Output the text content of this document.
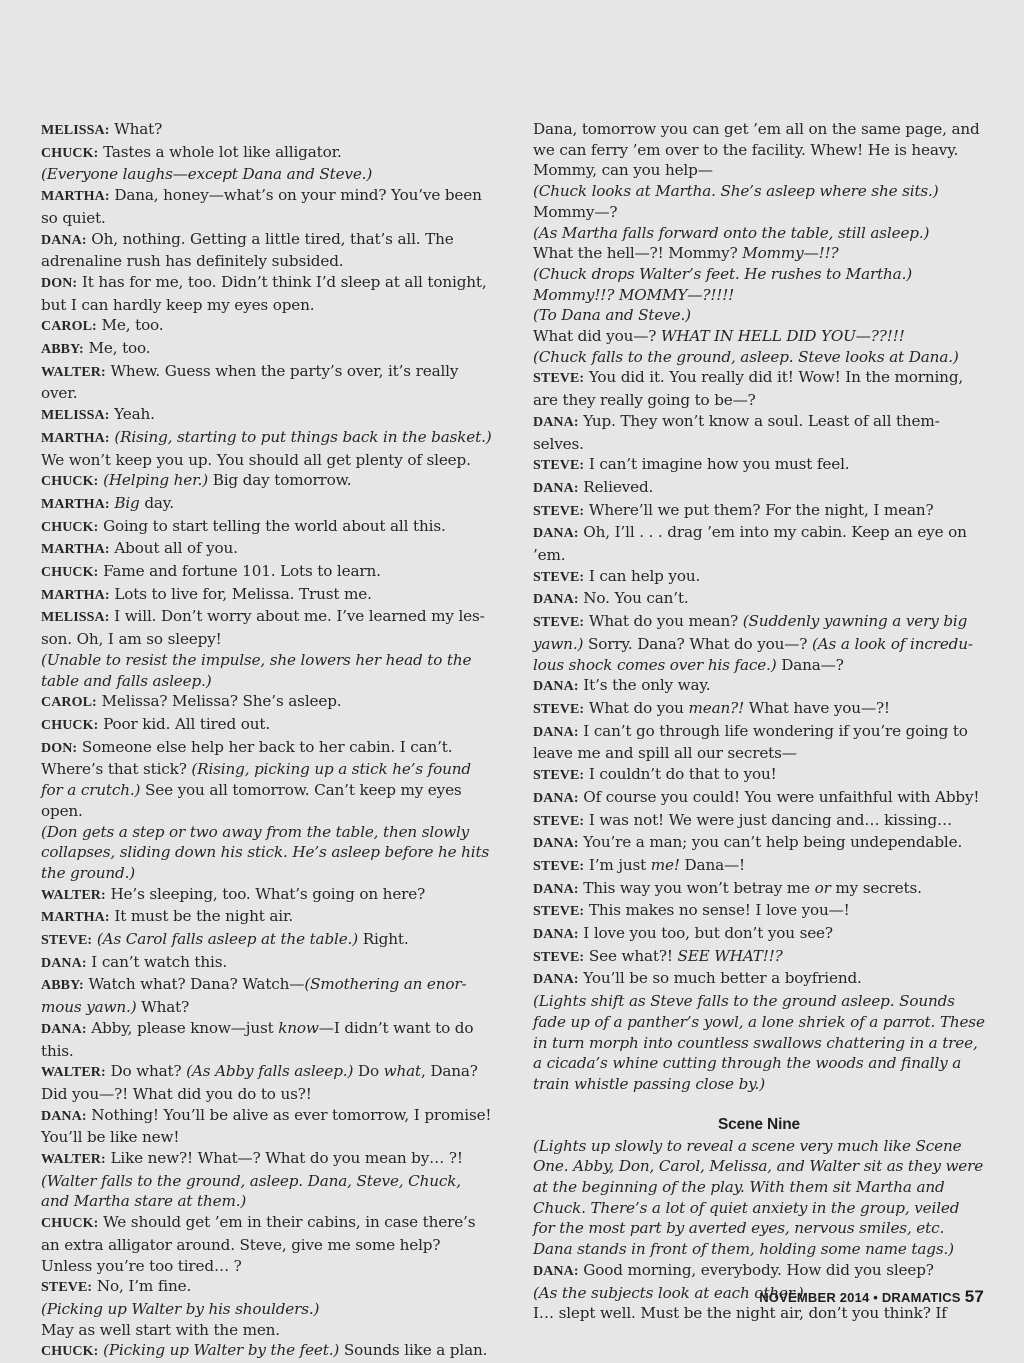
MELISSA: What?

CHUCK: Tastes a whole lot like alligator.

(Everyone laughs—except Dana and Steve.)

MARTHA: Dana, honey—what’s on your mind? You’ve been so quiet.

DANA: Oh, nothing. Getting a little tired, that’s all. The adrenaline rush has definitely subsided.

DON: It has for me, too. Didn’t think I’d sleep at all tonight, but I can hardly keep my eyes open.

CAROL: Me, too.

ABBY: Me, too.

WALTER: Whew. Guess when the party’s over, it’s really over.

MELISSA: Yeah.

MARTHA: (Rising, starting to put things back in the basket.) We won’t keep you up. You should all get plenty of sleep.

CHUCK: (Helping her.) Big day tomorrow.

MARTHA: Big day.

CHUCK: Going to start telling the world about all this.

MARTHA: About all of you.

CHUCK: Fame and fortune 101. Lots to learn.

MARTHA: Lots to live for, Melissa. Trust me.

MELISSA: I will. Don’t worry about me. I’ve learned my lesson. Oh, I am so sleepy!

(Unable to resist the impulse, she lowers her head to the table and falls asleep.)

CAROL: Melissa? Melissa? She’s asleep.

CHUCK: Poor kid. All tired out.

DON: Someone else help her back to her cabin. I can’t. Where’s that stick? (Rising, picking up a stick he’s found for a crutch.) See you all tomorrow. Can’t keep my eyes open.

(Don gets a step or two away from the table, then slowly collapses, sliding down his stick. He’s asleep before he hits the ground.)

WALTER: He’s sleeping, too. What’s going on here?

MARTHA: It must be the night air.

STEVE: (As Carol falls asleep at the table.) Right.

DANA: I can’t watch this.

ABBY: Watch what? Dana? Watch—(Smothering an enormous yawn.) What?

DANA: Abby, please know—just know—I didn’t want to do this.

WALTER: Do what? (As Abby falls asleep.) Do what, Dana? Did you—?! What did you do to us?!

DANA: Nothing! You’ll be alive as ever tomorrow, I promise! You’ll be like new!

WALTER: Like new?! What—? What do you mean by… ?!

(Walter falls to the ground, asleep. Dana, Steve, Chuck, and Martha stare at them.)

CHUCK: We should get ’em in their cabins, in case there’s an extra alligator around. Steve, give me some help? Unless you’re too tired… ?

STEVE: No, I’m fine.

(Picking up Walter by his shoulders.)

May as well start with the men.

CHUCK: (Picking up Walter by the feet.) Sounds like a plan.

Dana, tomorrow you can get ’em all on the same page, and we can ferry ’em over to the facility. Whew! He is heavy. Mommy, can you help—

(Chuck looks at Martha. She’s asleep where she sits.)

Mommy—?

(As Martha falls forward onto the table, still asleep.)

What the hell—?! Mommy? Mommy—!!?

(Chuck drops Walter’s feet. He rushes to Martha.)

Mommy!!? MOMMY—?!!!!

(To Dana and Steve.)

What did you—? WHAT IN HELL DID YOU—??!!!

(Chuck falls to the ground, asleep. Steve looks at Dana.)

STEVE: You did it. You really did it! Wow! In the morning, are they really going to be—?

DANA: Yup. They won’t know a soul. Least of all themselves.

STEVE: I can’t imagine how you must feel.

DANA: Relieved.

STEVE: Where’ll we put them? For the night, I mean?

DANA: Oh, I’ll . . . drag ’em into my cabin. Keep an eye on ’em.

STEVE: I can help you.

DANA: No. You can’t.

STEVE: What do you mean? (Suddenly yawning a very big yawn.) Sorry. Dana? What do you—? (As a look of incredulous shock comes over his face.) Dana—?

DANA: It’s the only way.

STEVE: What do you mean?! What have you—?!

DANA: I can’t go through life wondering if you’re going to leave me and spill all our secrets—

STEVE: I couldn’t do that to you!

DANA: Of course you could! You were unfaithful with Abby!

STEVE: I was not! We were just dancing and… kissing…

DANA: You’re a man; you can’t help being undependable.

STEVE: I’m just me! Dana—!

DANA: This way you won’t betray me or my secrets.

STEVE: This makes no sense! I love you—!

DANA: I love you too, but don’t you see?

STEVE: See what?! SEE WHAT!!?

DANA: You’ll be so much better a boyfriend.

(Lights shift as Steve falls to the ground asleep. Sounds fade up of a panther’s yowl, a lone shriek of a parrot. These in turn morph into countless swallows chattering in a tree, a cicada’s whine cutting through the woods and finally a train whistle passing close by.)

Scene Nine

(Lights up slowly to reveal a scene very much like Scene One. Abby, Don, Carol, Melissa, and Walter sit as they were at the beginning of the play. With them sit Martha and Chuck. There’s a lot of quiet anxiety in the group, veiled for the most part by averted eyes, nervous smiles, etc. Dana stands in front of them, holding some name tags.)

DANA: Good morning, everybody. How did you sleep?

(As the subjects look at each other.)

I… slept well. Must be the night air, don’t you think? If

NOVEMBER 2014 • DRAMATICS 57
